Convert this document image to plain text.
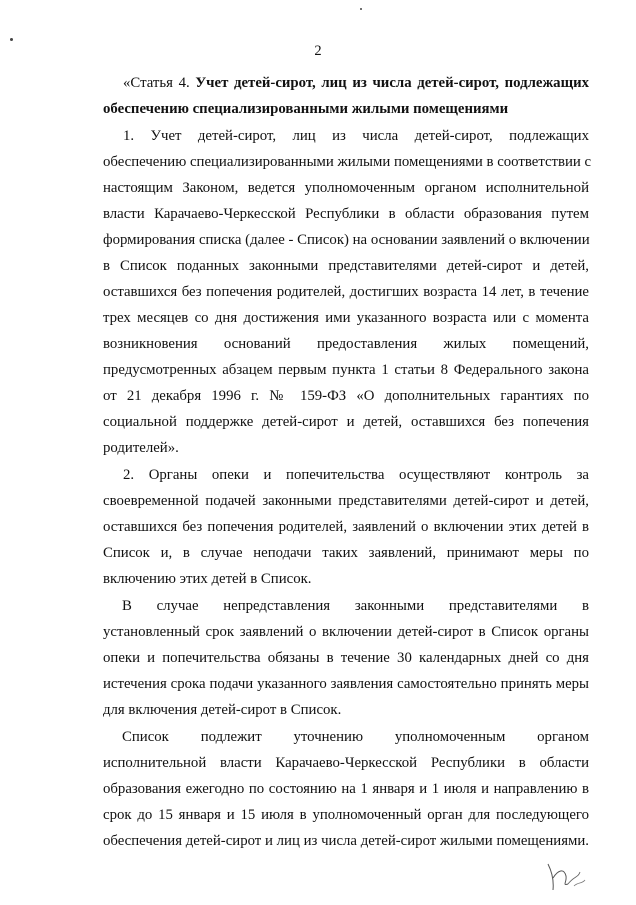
2
«Статья 4. Учет детей-сирот, лиц из числа детей-сирот, подлежащих
обеспечению специализированными жилыми помещениями
1. Учет детей-сирот, лиц из числа детей-сирот, подлежащих
обеспечению специализированными жилыми помещениями в соответствии с
настоящим Законом, ведется уполномоченным органом исполнительной
власти Карачаево-Черкесской Республики в области образования путем
формирования списка (далее - Список) на основании заявлений о включении
в Список поданных законными представителями детей-сирот и детей,
оставшихся без попечения родителей, достигших возраста 14 лет, в течение
трех месяцев со дня достижения ими указанного возраста или с момента
возникновения оснований предоставления жилых помещений,
предусмотренных абзацем первым пункта 1 статьи 8 Федерального закона
от 21 декабря 1996 г. № 159-ФЗ «О дополнительных гарантиях по
социальной поддержке детей-сирот и детей, оставшихся без попечения
родителей».
2. Органы опеки и попечительства осуществляют контроль за
своевременной подачей законными представителями детей-сирот и детей,
оставшихся без попечения родителей, заявлений о включении этих детей в
Список и, в случае неподачи таких заявлений, принимают меры по
включению этих детей в Список.
В случае непредставления законными представителями в
установленный срок заявлений о включении детей-сирот в Список органы
опеки и попечительства обязаны в течение 30 календарных дней со дня
истечения срока подачи указанного заявления самостоятельно принять меры
для включения детей-сирот в Список.
Список подлежит уточнению уполномоченным органом
исполнительной власти Карачаево-Черкесской Республики в области
образования ежегодно по состоянию на 1 января и 1 июля и направлению в
срок до 15 января и 15 июля в уполномоченный орган для последующего
обеспечения детей-сирот и лиц из числа детей-сирот жилыми помещениями.
